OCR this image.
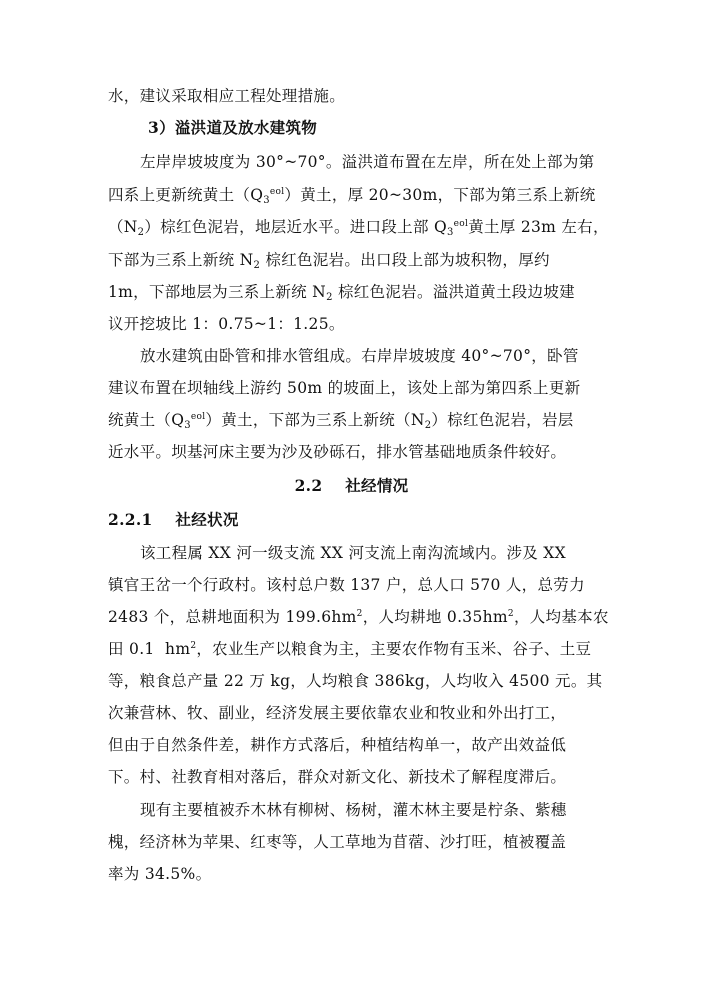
水，建议采取相应工程处理措施。
3）溢洪道及放水建筑物
左岸岸坡坡度为 30°~70°。溢洪道布置在左岸，所在处上部为第
四系上更新统黄土$(Q_3^{eol})$黄土，厚 20~30m，下部为第三系上新统
$(N_2)$棕红色泥岩，地层近水平。进口段上部 $Q_3^{eol}$黄土厚 23m 左右，
下部为三系上新统 $N_2$ 棕红色泥岩。出口段上部为坡积物，厚约
1m，下部地层为三系上新统 $N_2$ 棕红色泥岩。溢洪道黄土段边坡建
议开挖坡比 1：0.75~1：1.25。
放水建筑由卧管和排水管组成。右岸岸坡坡度 40°~70°，卧管
建议布置在坝轴线上游约 50m 的坡面上，该处上部为第四系上更新
统黄土$(Q_3^{eol})$黄土，下部为三系上新统$(N_2)$棕红色泥岩，岩层
近水平。坝基河床主要为沙及砂砾石，排水管基础地质条件较好。
2.2    社经情况
2.2.1    社经状况
该工程属 XX 河一级支流 XX 河支流上南沟流域内。涉及 XX
镇官王岔一个行政村。该村总户数 137 户，总人口 570 人，总劳力
2483 个，总耕地面积为 $199.6hm^2$，人均耕地 $0.35hm^2$，人均基本农
田 0.1  $hm^2$，农业生产以粮食为主，主要农作物有玉米、谷子、土豆
等，粮食总产量 22 万 kg，人均粮食 386kg，人均收入 4500 元。其
次兼营林、牧、副业，经济发展主要依靠农业和牧业和外出打工，
但由于自然条件差，耕作方式落后，种植结构单一，故产出效益低
下。村、社教育相对落后，群众对新文化、新技术了解程度滞后。
现有主要植被乔木林有柳树、杨树，灌木林主要是柠条、紫穗
槐，经济林为苹果、红枣等，人工草地为苜蓿、沙打旺，植被覆盖
率为 34.5%。
